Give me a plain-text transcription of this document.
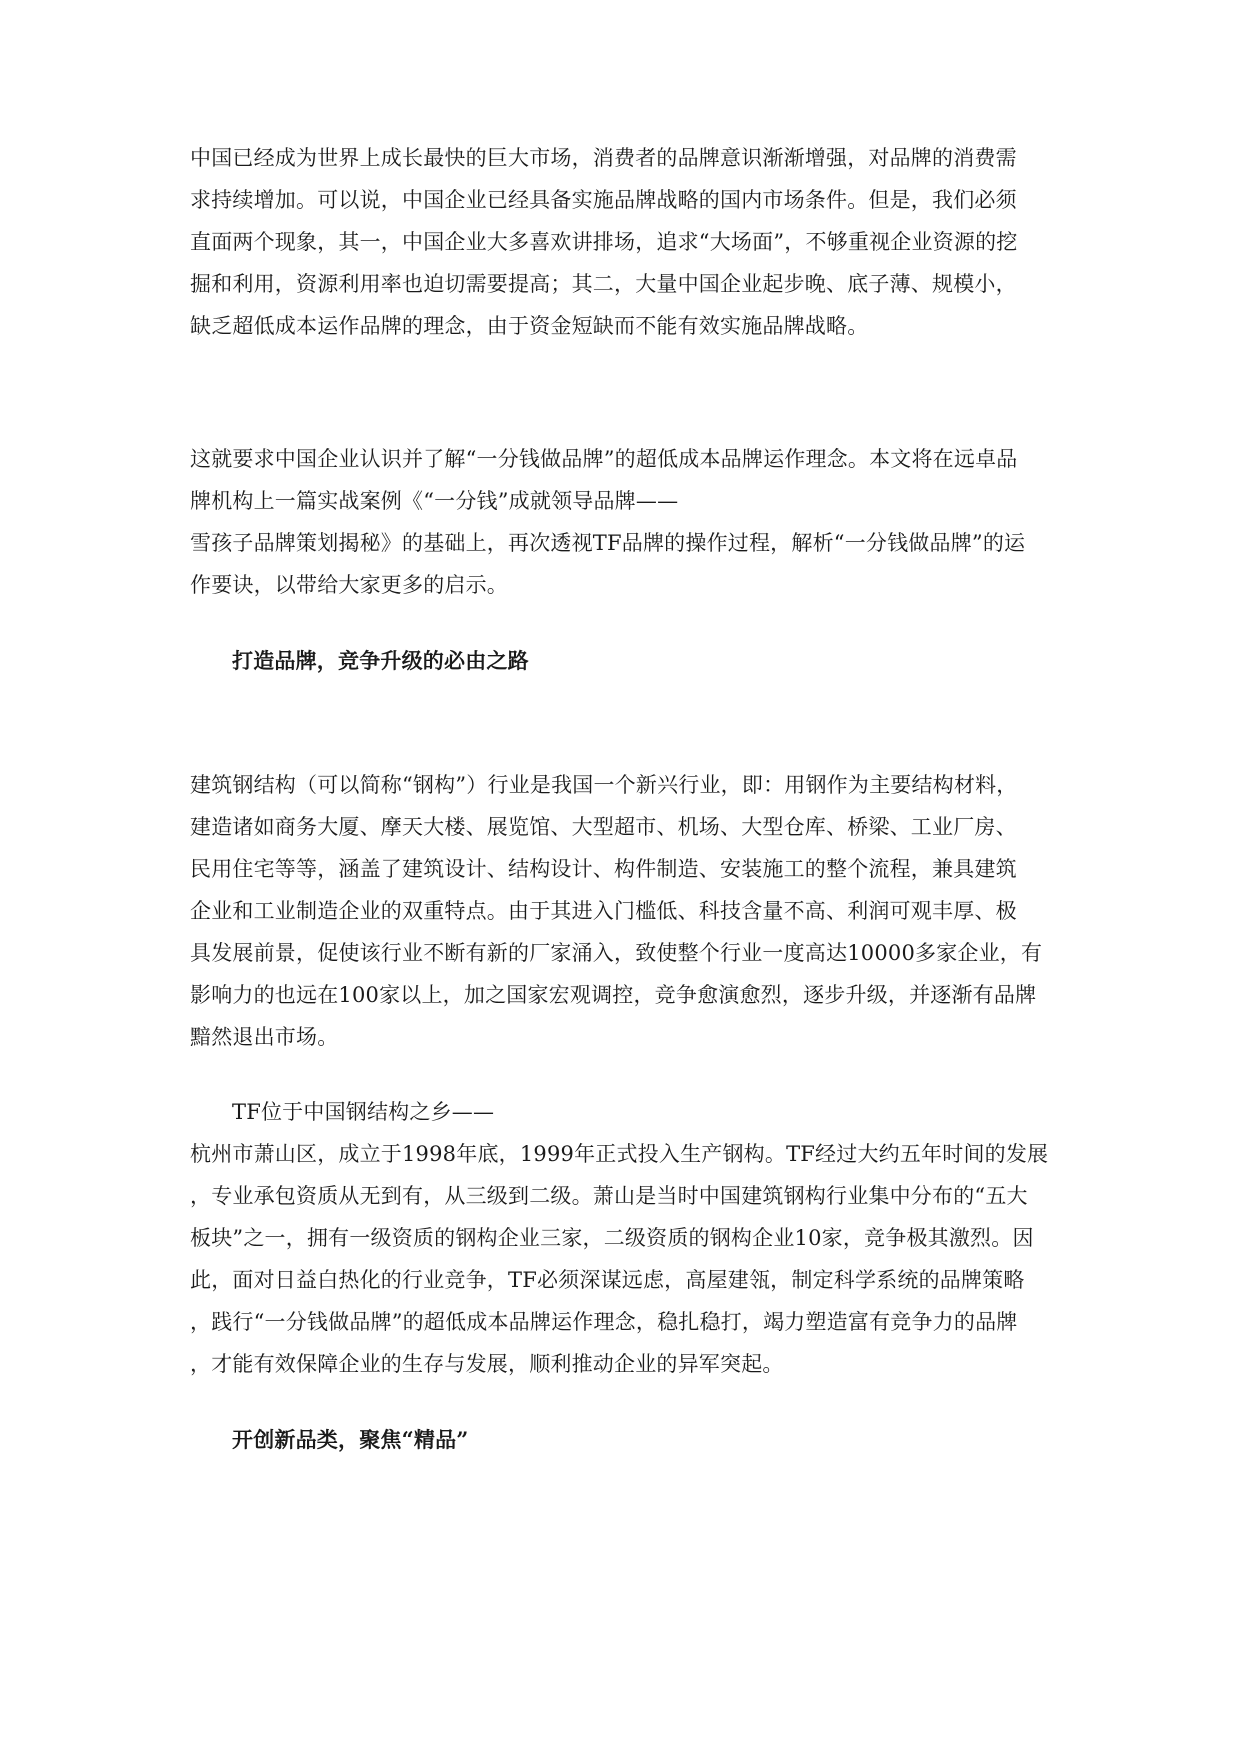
中国已经成为世界上成长最快的巨大市场，消费者的品牌意识渐渐增强，对品牌的消费需
求持续增加。可以说，中国企业已经具备实施品牌战略的国内市场条件。但是，我们必须
直面两个现象，其一，中国企业大多喜欢讲排场，追求“大场面”，不够重视企业资源的挖
掘和利用，资源利用率也迫切需要提高；其二，大量中国企业起步晚、底子薄、规模小，
缺乏超低成本运作品牌的理念，由于资金短缺而不能有效实施品牌战略。
这就要求中国企业认识并了解“一分钱做品牌”的超低成本品牌运作理念。本文将在远卓品
牌机构上一篇实战案例《“一分钱”成就领导品牌——
雪孩子品牌策划揭秘》的基础上，再次透视TF品牌的操作过程，解析“一分钱做品牌”的运
作要诀，以带给大家更多的启示。
打造品牌，竞争升级的必由之路
建筑钢结构（可以简称“钢构”）行业是我国一个新兴行业，即：用钢作为主要结构材料，
建造诸如商务大厦、摩天大楼、展览馆、大型超市、机场、大型仓库、桥梁、工业厂房、
民用住宅等等，涵盖了建筑设计、结构设计、构件制造、安装施工的整个流程，兼具建筑
企业和工业制造企业的双重特点。由于其进入门槛低、科技含量不高、利润可观丰厚、极
具发展前景，促使该行业不断有新的厂家涌入，致使整个行业一度高达10000多家企业，有
影响力的也远在100家以上，加之国家宏观调控，竞争愈演愈烈，逐步升级，并逐渐有品牌
黯然退出市场。
TF位于中国钢结构之乡——
杭州市萧山区，成立于1998年底，1999年正式投入生产钢构。TF经过大约五年时间的发展
，专业承包资质从无到有，从三级到二级。萧山是当时中国建筑钢构行业集中分布的“五大
板块”之一，拥有一级资质的钢构企业三家，二级资质的钢构企业10家，竞争极其激烈。因
此，面对日益白热化的行业竞争，TF必须深谋远虑，高屋建瓴，制定科学系统的品牌策略
，践行“一分钱做品牌”的超低成本品牌运作理念，稳扎稳打，竭力塑造富有竞争力的品牌
，才能有效保障企业的生存与发展，顺利推动企业的异军突起。
开创新品类，聚焦“精品”
